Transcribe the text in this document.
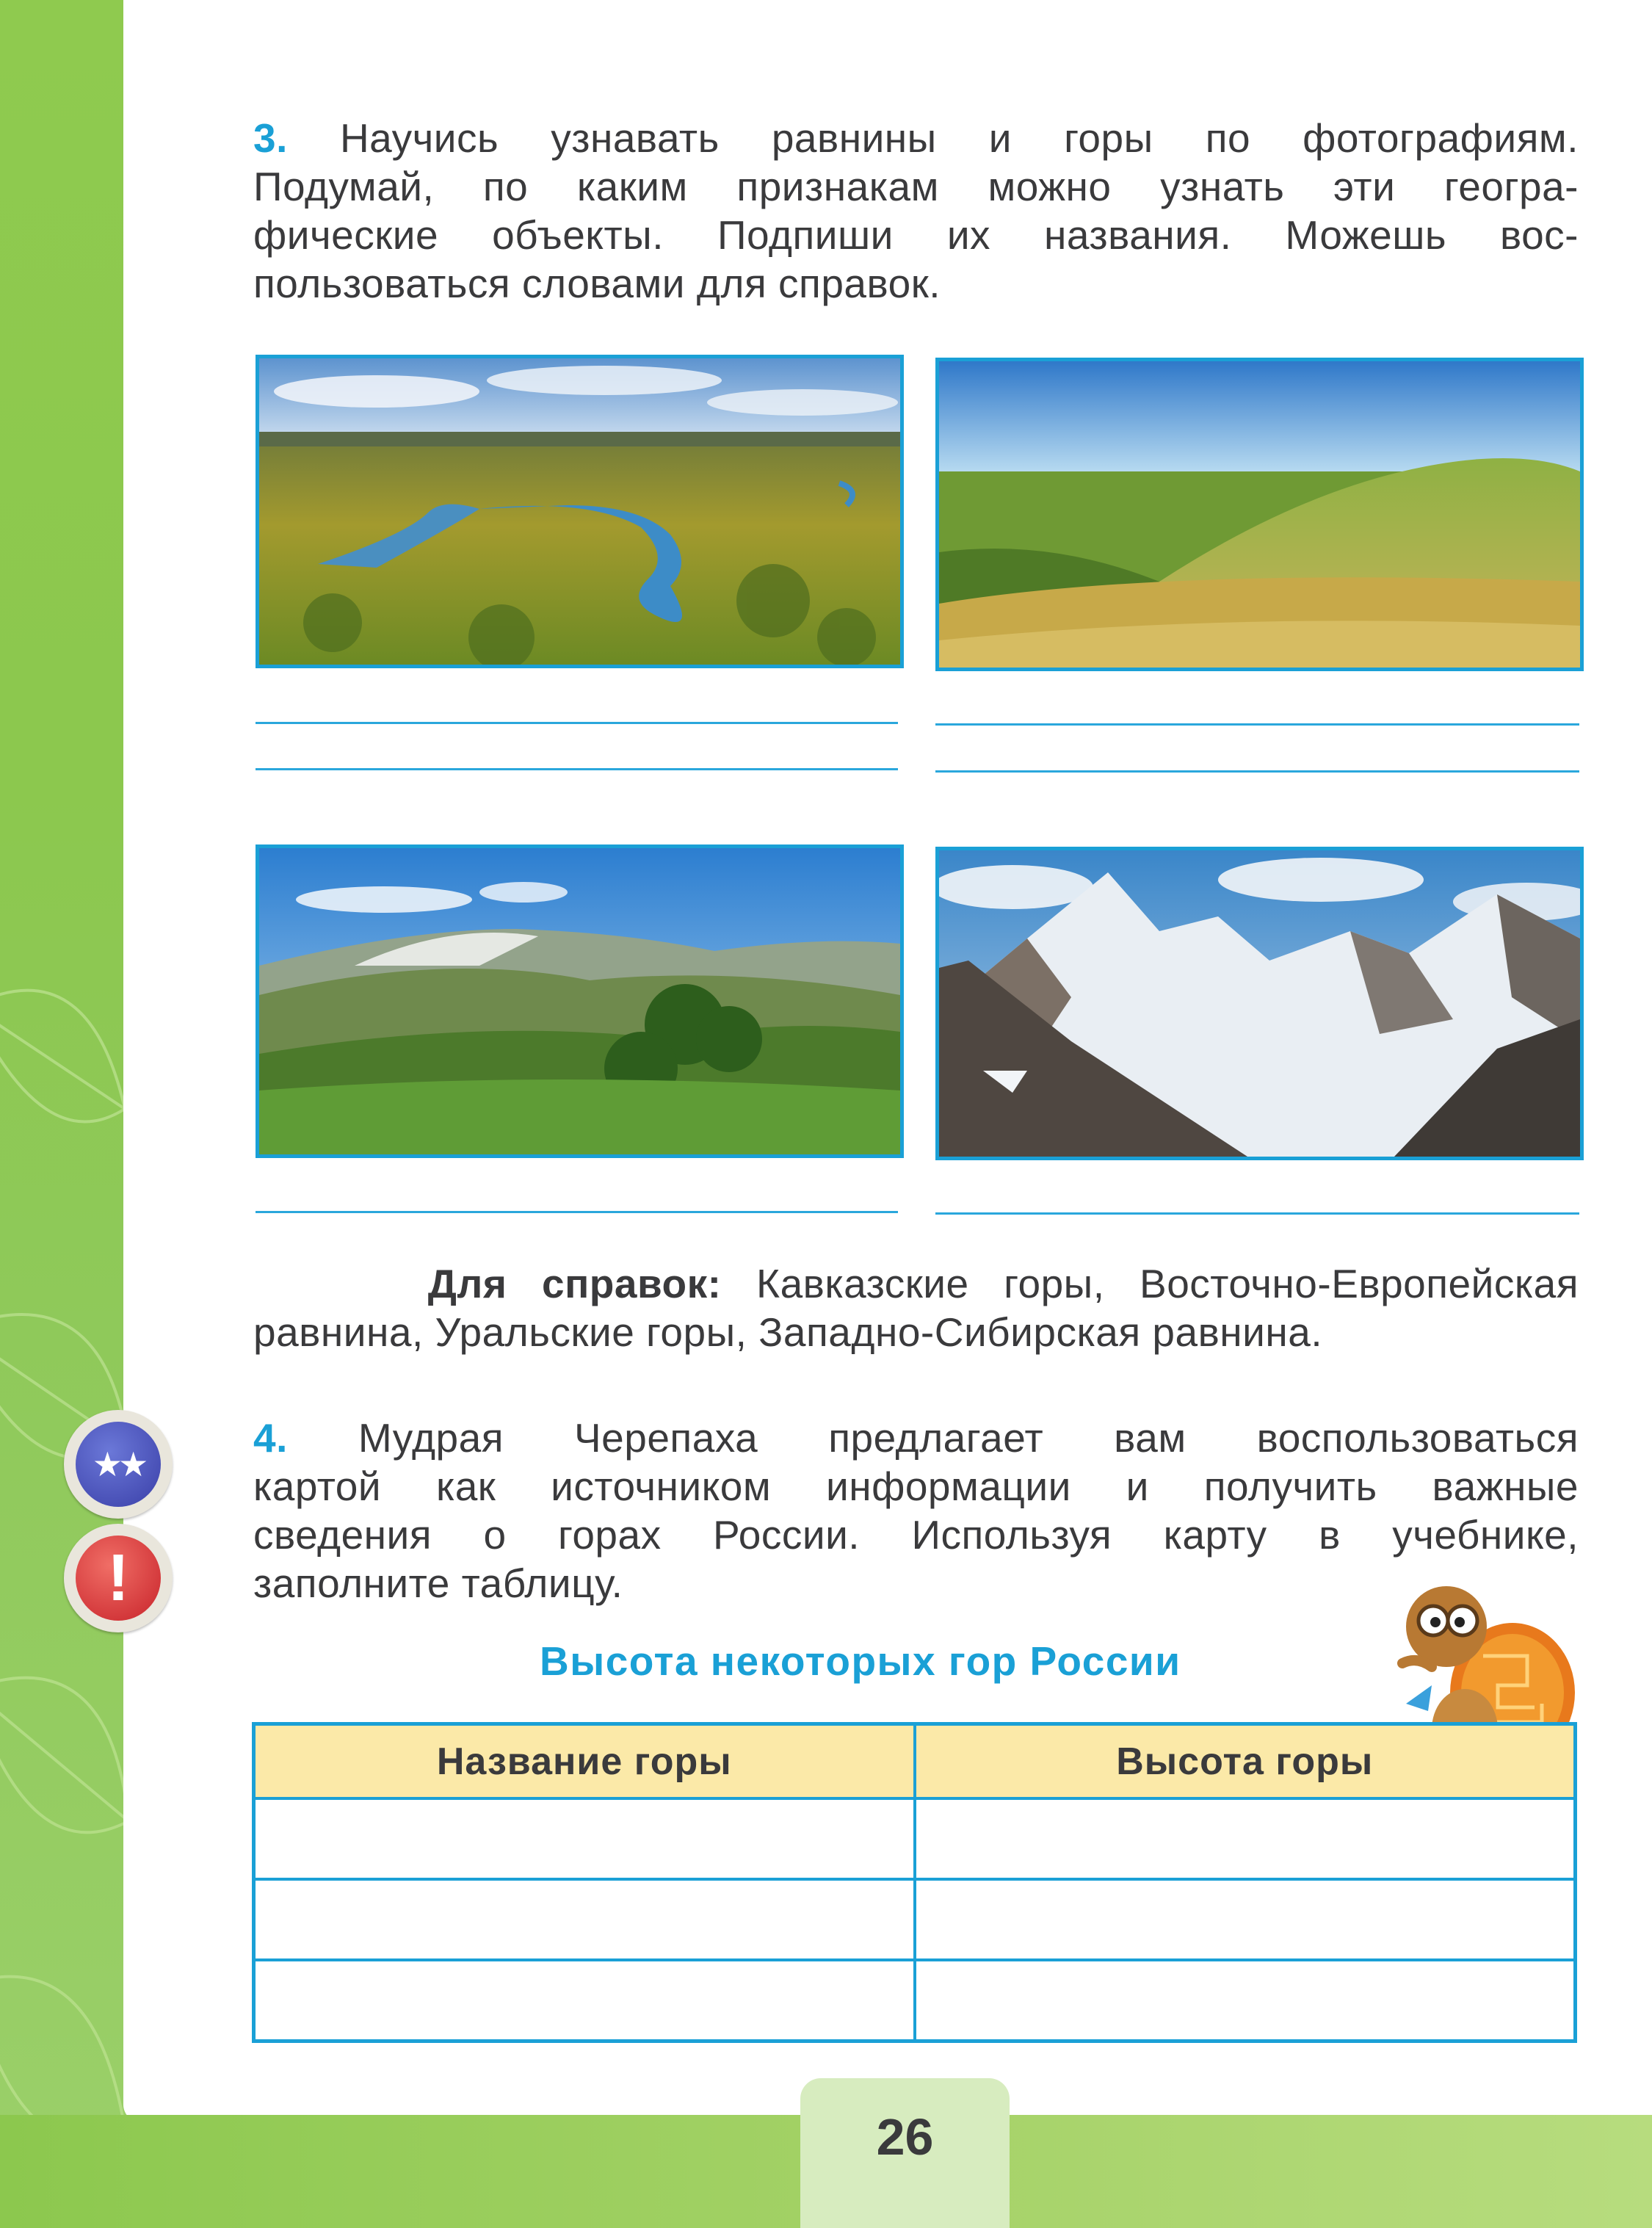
3. Научись узнавать равнины и горы по фотографиям.
Подумай, по каким признакам можно узнать эти геогра-
фические объекты. Подпиши их названия. Можешь вос-
пользоваться словами для справок.
Для справок: Кавказские горы, Восточно-Европейская
равнина, Уральские горы, Западно-Сибирская равнина.
★★
!
4. Мудрая Черепаха предлагает вам воспользоваться
картой как источником информации и получить важные
сведения о горах России. Используя карту в учебнике,
заполните таблицу.
Высота некоторых гор России
Название горы	Высота горы

26
